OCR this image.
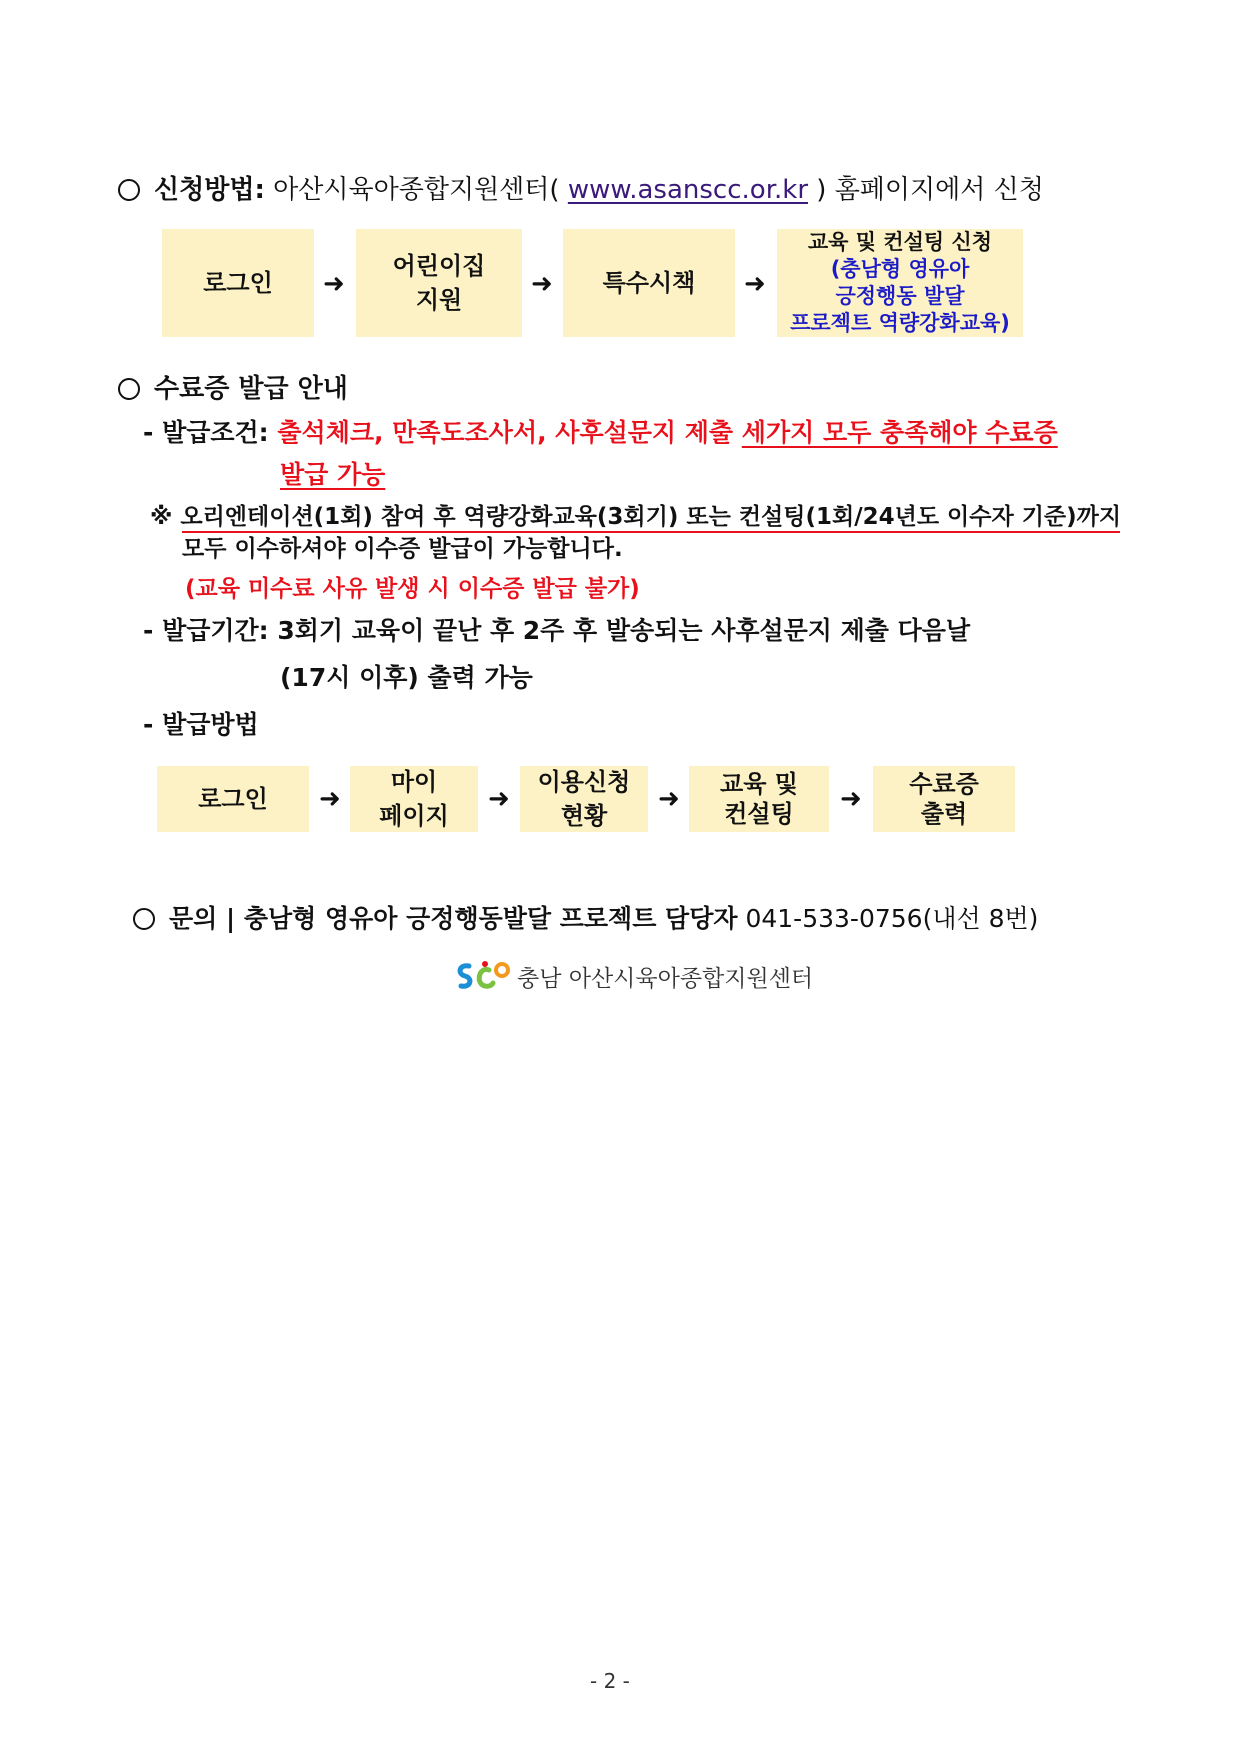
신청방법: 아산시육아종합지원센터( www.asanscc.or.kr ) 홈페이지에서 신청
로그인 ➜
어린이집
지원
➜ 특수시책 ➜
교육 및 컨설팅 신청
(충남형 영유아
긍정행동 발달
프로젝트 역량강화교육)
수료증 발급 안내
- 발급조건: 출석체크, 만족도조사서, 사후설문지 제출 세가지 모두 충족해야 수료증
발급 가능
※ 오리엔테이션(1회) 참여 후 역량강화교육(3회기) 또는 컨설팅(1회/24년도 이수자 기준)까지
모두 이수하셔야 이수증 발급이 가능합니다.
(교육 미수료 사유 발생 시 이수증 발급 불가)
- 발급기간: 3회기 교육이 끝난 후 2주 후 발송되는 사후설문지 제출 다음날
(17시 이후) 출력 가능
- 발급방법
로그인 ➜
마이
페이지
➜
이용신청
현황
➜ 교육 및
컨설팅 ➜ 수료증
출력
문의 | 충남형 영유아 긍정행동발달 프로젝트 담당자 041-533-0756(내선 8번)
충남 아산시육아종합지원센터
- 2 -
